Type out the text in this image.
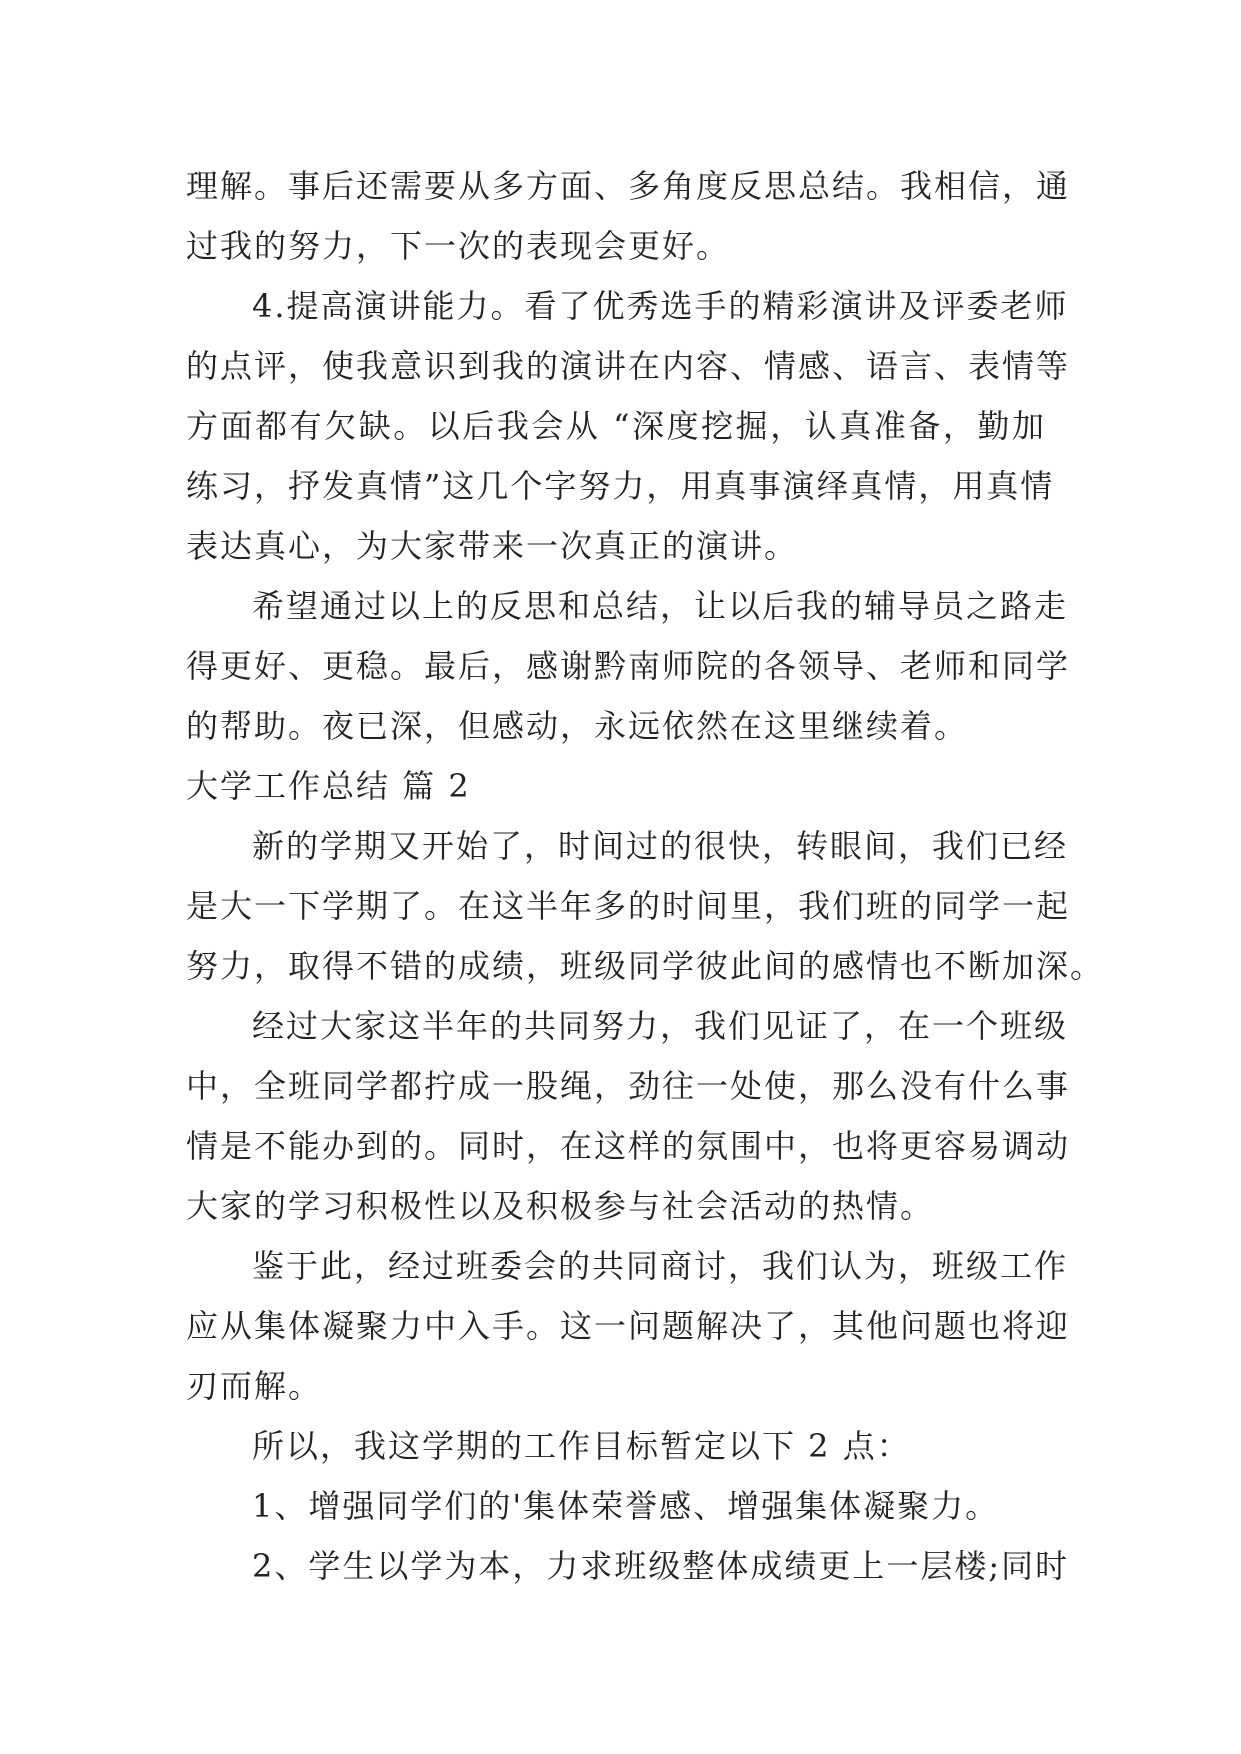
理解。事后还需要从多方面、多角度反思总结。我相信，通
过我的努力，下一次的表现会更好。
4.提高演讲能力。看了优秀选手的精彩演讲及评委老师
的点评，使我意识到我的演讲在内容、情感、语言、表情等
方面都有欠缺。以后我会从 “深度挖掘，认真准备，勤加
练习，抒发真情”这几个字努力，用真事演绎真情，用真情
表达真心，为大家带来一次真正的演讲。
希望通过以上的反思和总结，让以后我的辅导员之路走
得更好、更稳。最后，感谢黔南师院的各领导、老师和同学
的帮助。夜已深，但感动，永远依然在这里继续着。
大学工作总结 篇 2
新的学期又开始了，时间过的很快，转眼间，我们已经
是大一下学期了。在这半年多的时间里，我们班的同学一起
努力，取得不错的成绩，班级同学彼此间的感情也不断加深。
经过大家这半年的共同努力，我们见证了，在一个班级
中，全班同学都拧成一股绳，劲往一处使，那么没有什么事
情是不能办到的。同时，在这样的氛围中，也将更容易调动
大家的学习积极性以及积极参与社会活动的热情。
鉴于此，经过班委会的共同商讨，我们认为，班级工作
应从集体凝聚力中入手。这一问题解决了，其他问题也将迎
刃而解。
所以，我这学期的工作目标暂定以下 2 点：
1、增强同学们的'集体荣誉感、增强集体凝聚力。
2、学生以学为本，力求班级整体成绩更上一层楼;同时
